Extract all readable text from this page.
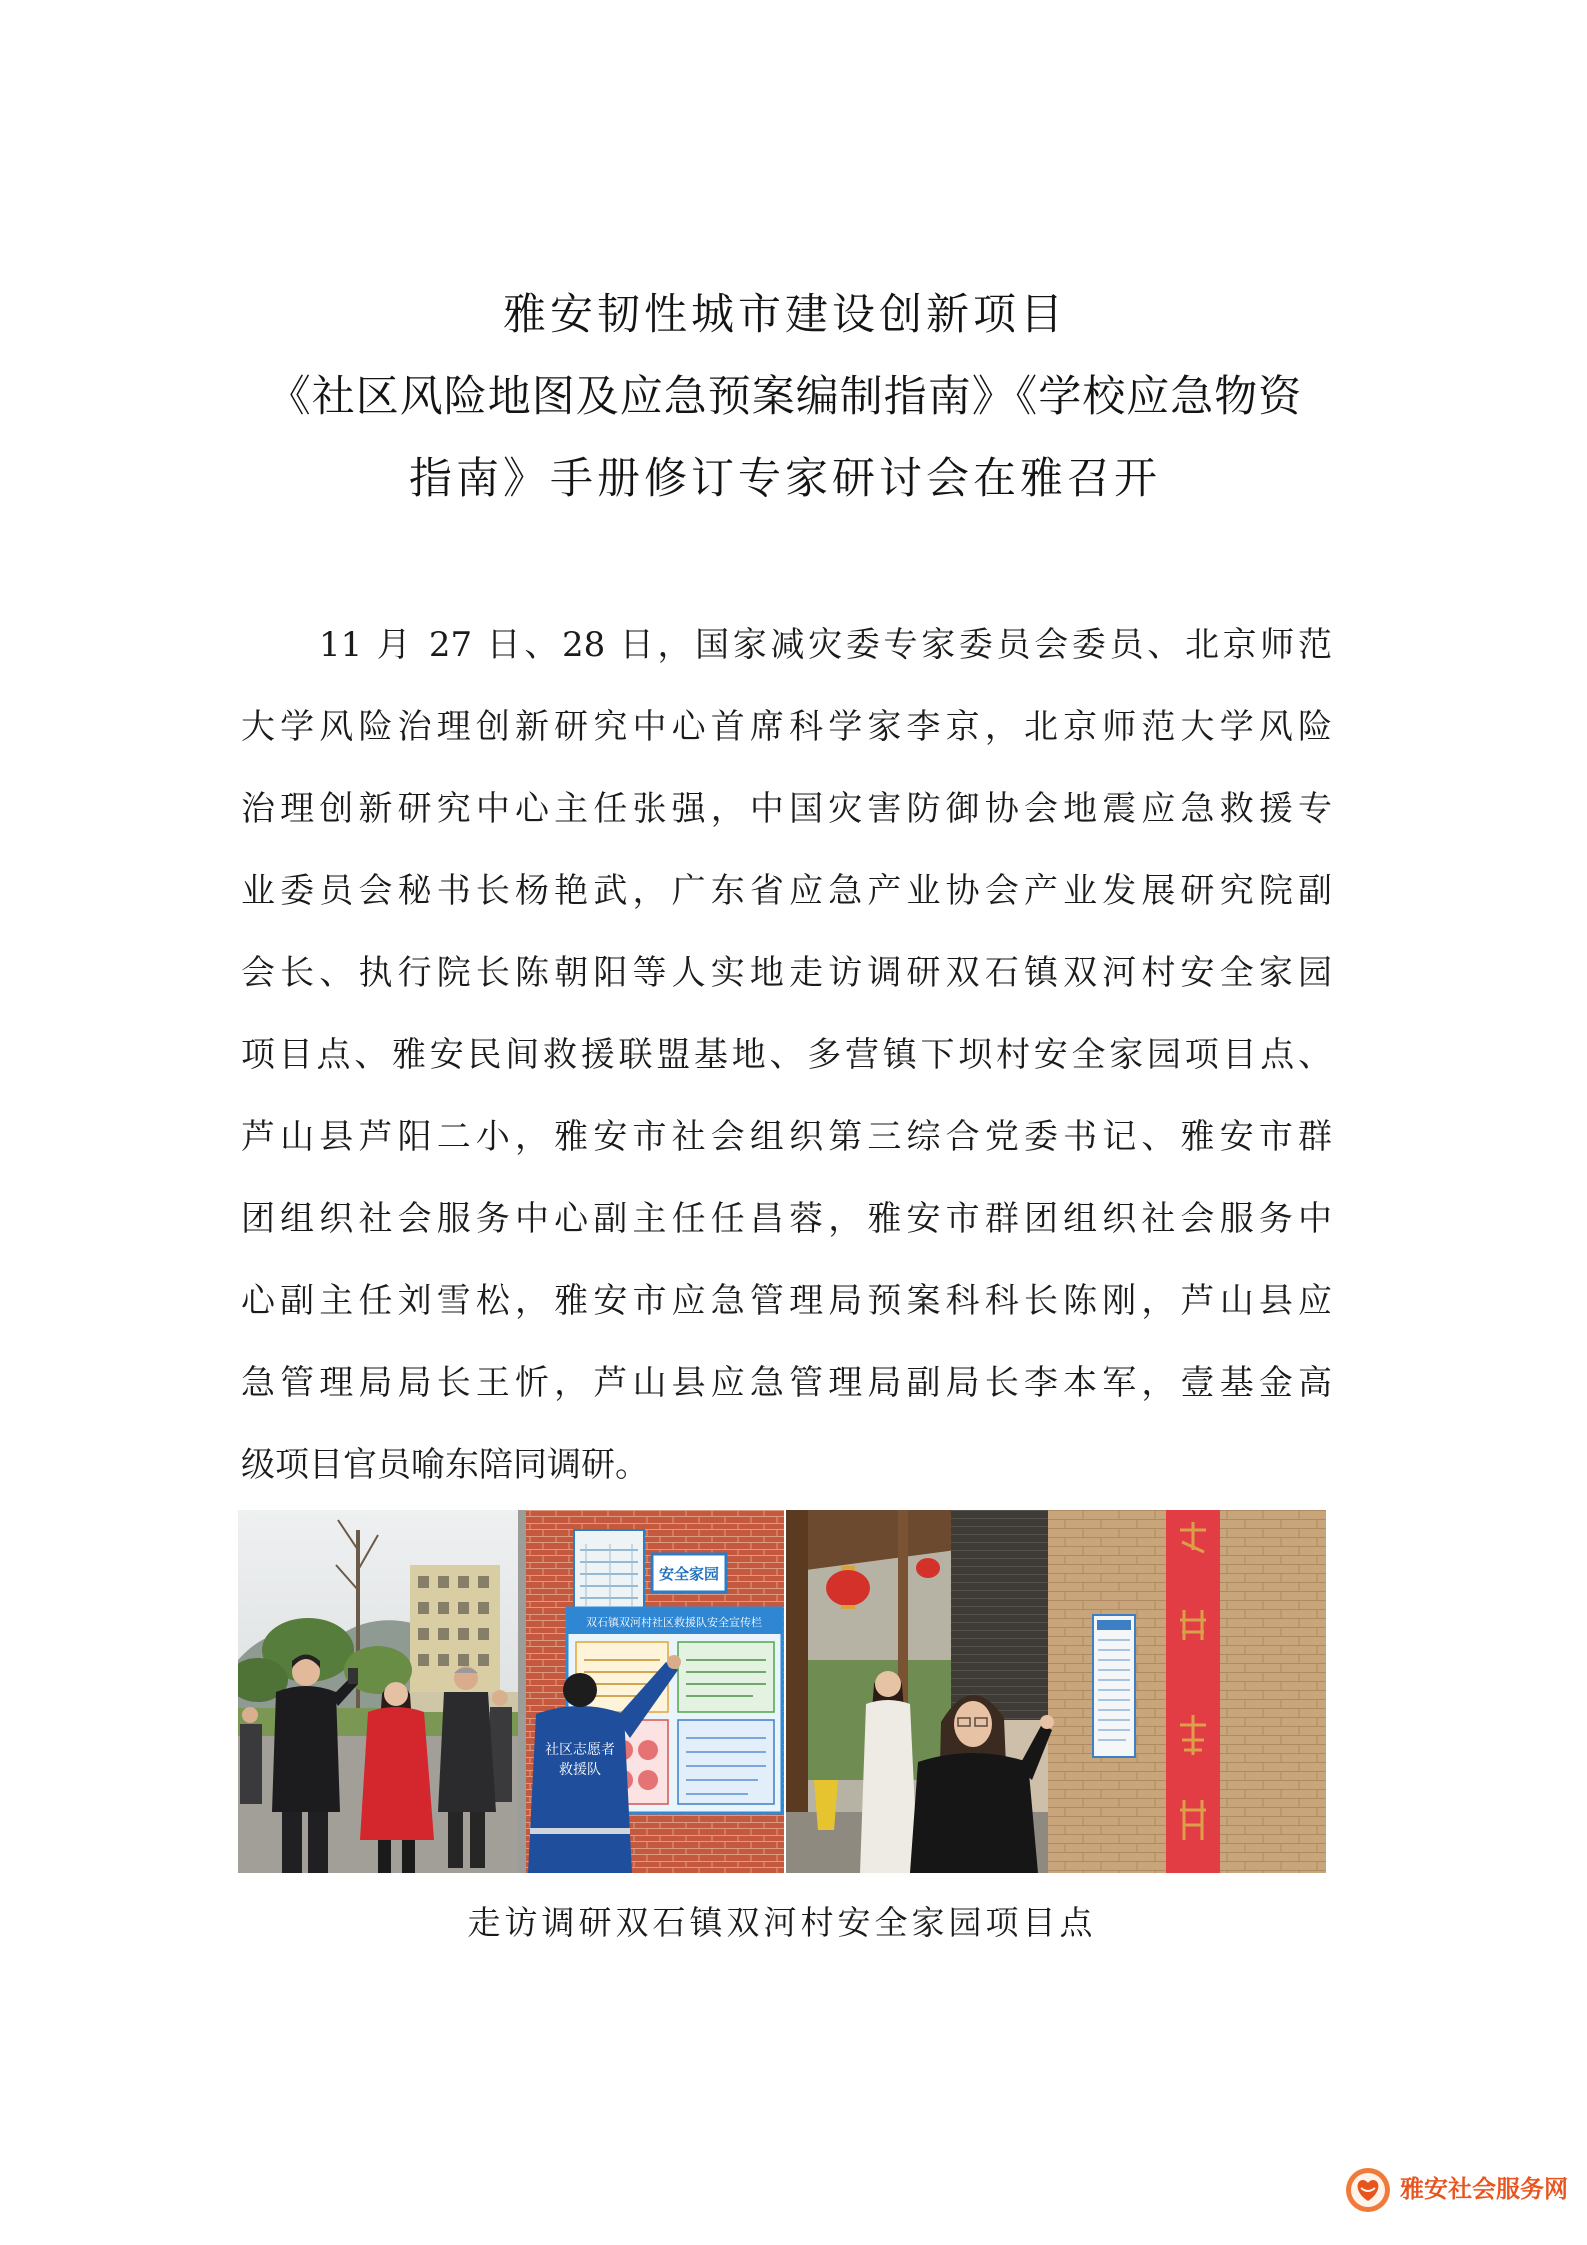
雅安韧性城市建设创新项目
《社区风险地图及应急预案编制指南》《学校应急物资
指南》手册修订专家研讨会在雅召开
11 月 27 日、28 日，国家减灾委专家委员会委员、北京师范
大学风险治理创新研究中心首席科学家李京，北京师范大学风险
治理创新研究中心主任张强，中国灾害防御协会地震应急救援专
业委员会秘书长杨艳武，广东省应急产业协会产业发展研究院副
会长、执行院长陈朝阳等人实地走访调研双石镇双河村安全家园
项目点、雅安民间救援联盟基地、多营镇下坝村安全家园项目点、
芦山县芦阳二小，雅安市社会组织第三综合党委书记、雅安市群
团组织社会服务中心副主任任昌蓉，雅安市群团组织社会服务中
心副主任刘雪松，雅安市应急管理局预案科科长陈刚，芦山县应
急管理局局长王忻，芦山县应急管理局副局长李本军，壹基金高
级项目官员喻东陪同调研。
安全家园
双石镇双河村社区救援队安全宣传栏
社区志愿者
救援队
走访调研双石镇双河村安全家园项目点
雅安社会服务网
